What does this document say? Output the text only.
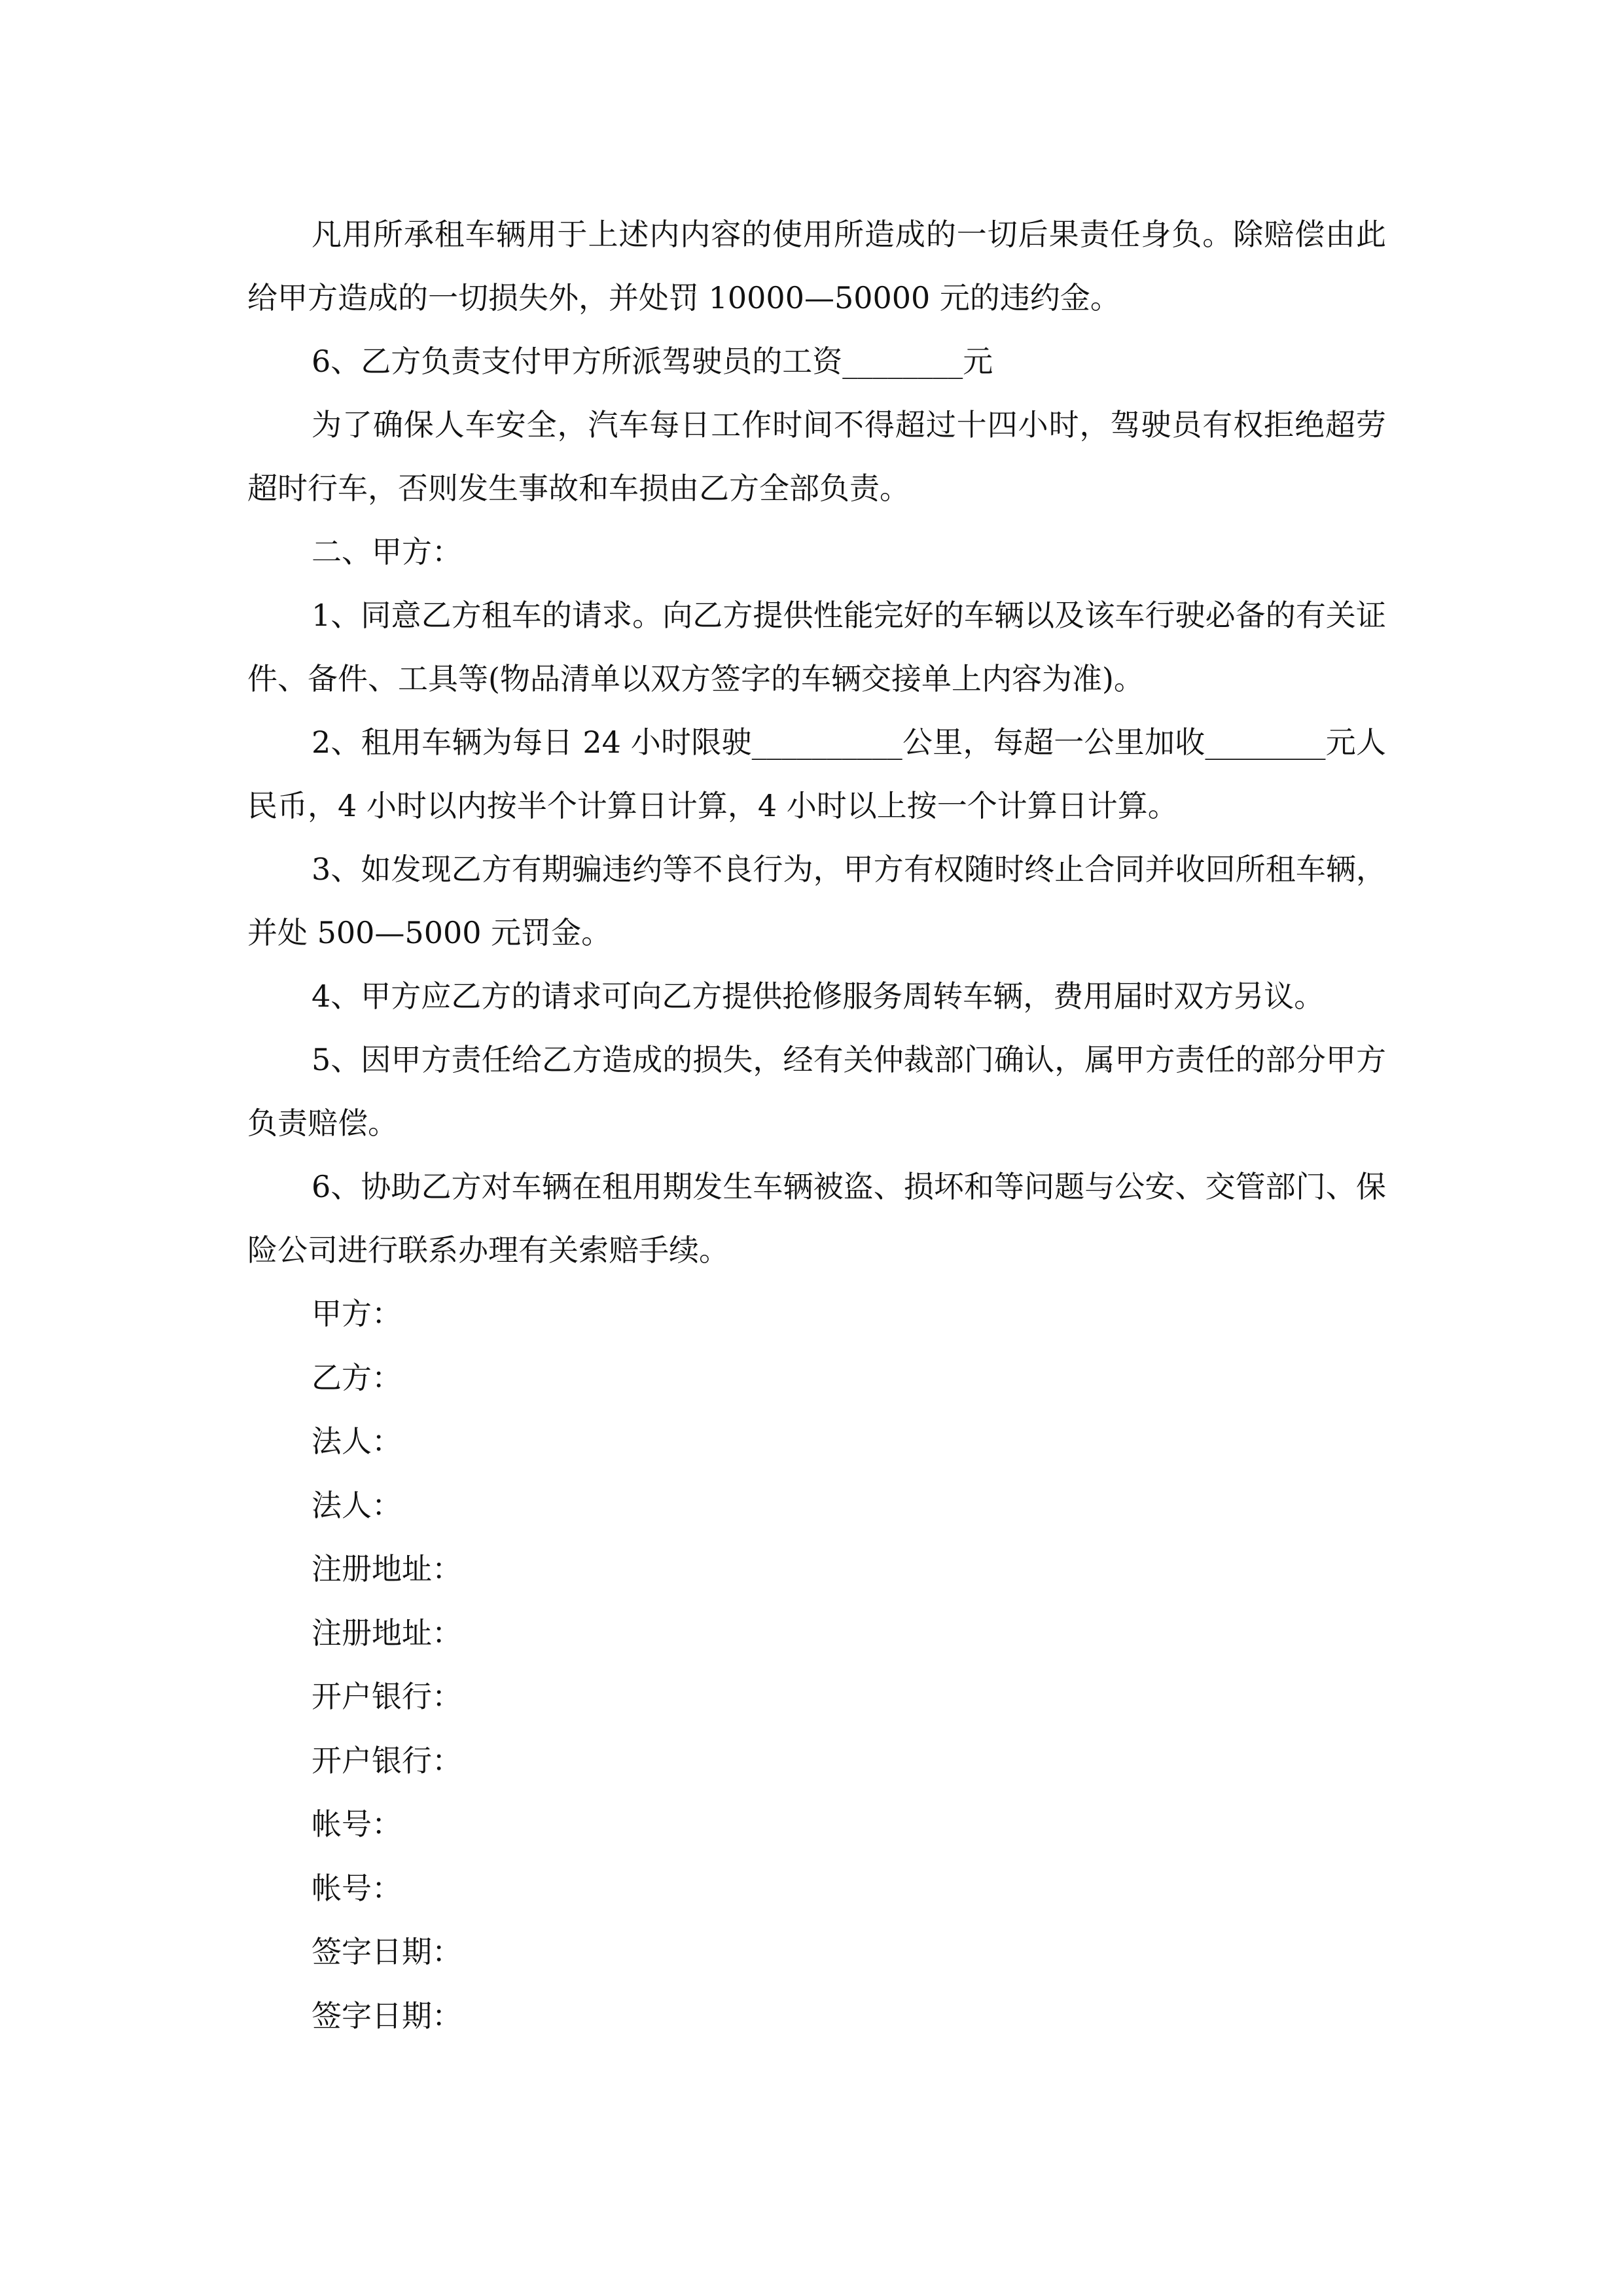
凡用所承租车辆用于上述内内容的使用所造成的一切后果责任身负。除赔偿由此给甲方造成的一切损失外，并处罚 10000—50000 元的违约金。

6、乙方负责支付甲方所派驾驶员的工资________元

为了确保人车安全，汽车每日工作时间不得超过十四小时，驾驶员有权拒绝超劳超时行车，否则发生事故和车损由乙方全部负责。

二、甲方：

1、同意乙方租车的请求。向乙方提供性能完好的车辆以及该车行驶必备的有关证件、备件、工具等(物品清单以双方签字的车辆交接单上内容为准)。

2、租用车辆为每日 24 小时限驶__________公里，每超一公里加收________元人民币，4 小时以内按半个计算日计算，4 小时以上按一个计算日计算。

3、如发现乙方有期骗违约等不良行为，甲方有权随时终止合同并收回所租车辆，并处 500—5000 元罚金。

4、甲方应乙方的请求可向乙方提供抢修服务周转车辆，费用届时双方另议。

5、因甲方责任给乙方造成的损失，经有关仲裁部门确认，属甲方责任的部分甲方负责赔偿。

6、协助乙方对车辆在租用期发生车辆被盗、损坏和等问题与公安、交管部门、保险公司进行联系办理有关索赔手续。

甲方：

乙方：

法人：

法人：

注册地址：

注册地址：

开户银行：

开户银行：

帐号：

帐号：

签字日期：

签字日期：
